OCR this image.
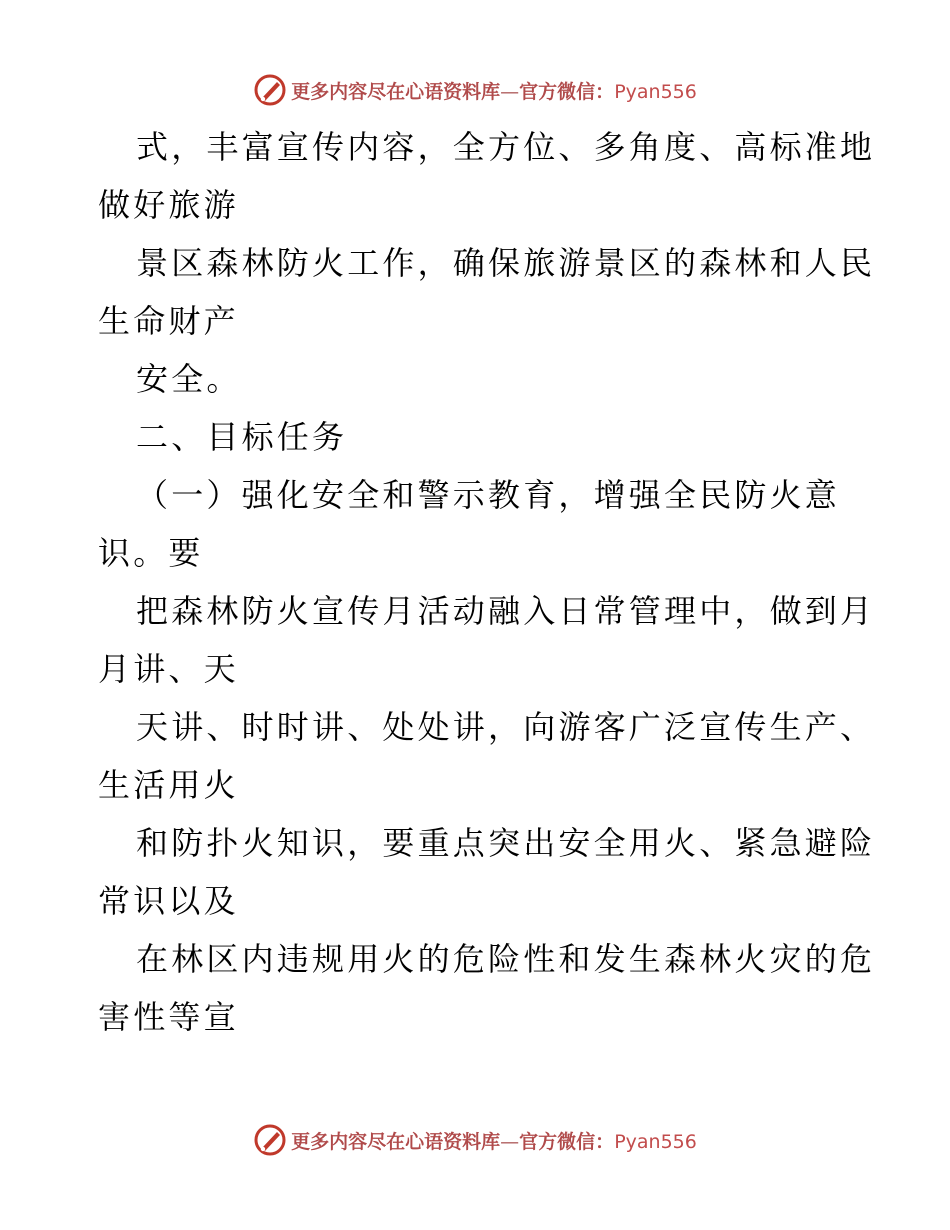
更多内容尽在心语资料库—官方微信：Pyan556
式，丰富宣传内容，全方位、多角度、高标准地
做好旅游
景区森林防火工作，确保旅游景区的森林和人民
生命财产
安全。
二、目标任务
（一）强化安全和警示教育，增强全民防火意
识。要
把森林防火宣传月活动融入日常管理中，做到月
月讲、天
天讲、时时讲、处处讲，向游客广泛宣传生产、
生活用火
和防扑火知识，要重点突出安全用火、紧急避险
常识以及
在林区内违规用火的危险性和发生森林火灾的危
害性等宣
更多内容尽在心语资料库—官方微信：Pyan556
